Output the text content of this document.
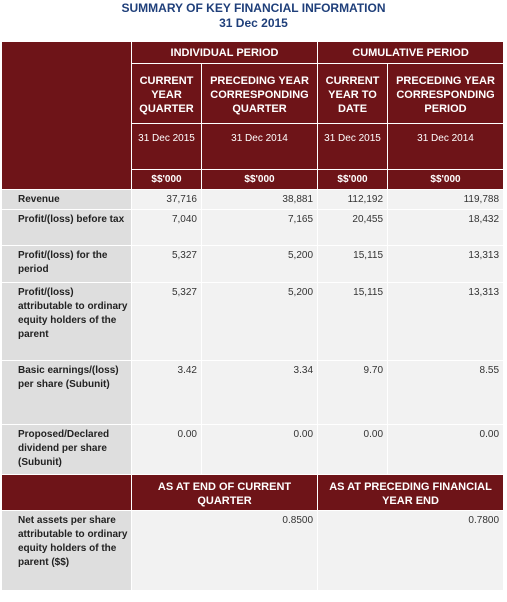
SUMMARY OF KEY FINANCIAL INFORMATION
31 Dec 2015
	INDIVIDUAL PERIOD		CUMULATIVE PERIOD	
	CURRENT YEAR QUARTER	PRECEDING YEAR CORRESPONDING QUARTER	CURRENT YEAR TO DATE	PRECEDING YEAR CORRESPONDING PERIOD
	31 Dec 2015	31 Dec 2014	31 Dec 2015	31 Dec 2014
	$$'000	$$'000	$$'000	$$'000
Revenue	37,716	38,881	112,192	119,788
Profit/(loss) before tax	7,040	7,165	20,455	18,432
Profit/(loss) for the period	5,327	5,200	15,115	13,313
Profit/(loss) attributable to ordinary equity holders of the parent	5,327	5,200	15,115	13,313
Basic earnings/(loss) per share (Subunit)	3.42	3.34	9.70	8.55
Proposed/Declared dividend per share (Subunit)	0.00	0.00	0.00	0.00
	AS AT END OF CURRENT QUARTER		AS AT PRECEDING FINANCIAL YEAR END	
Net assets per share attributable to ordinary equity holders of the parent ($$)	0.8500		0.7800	
